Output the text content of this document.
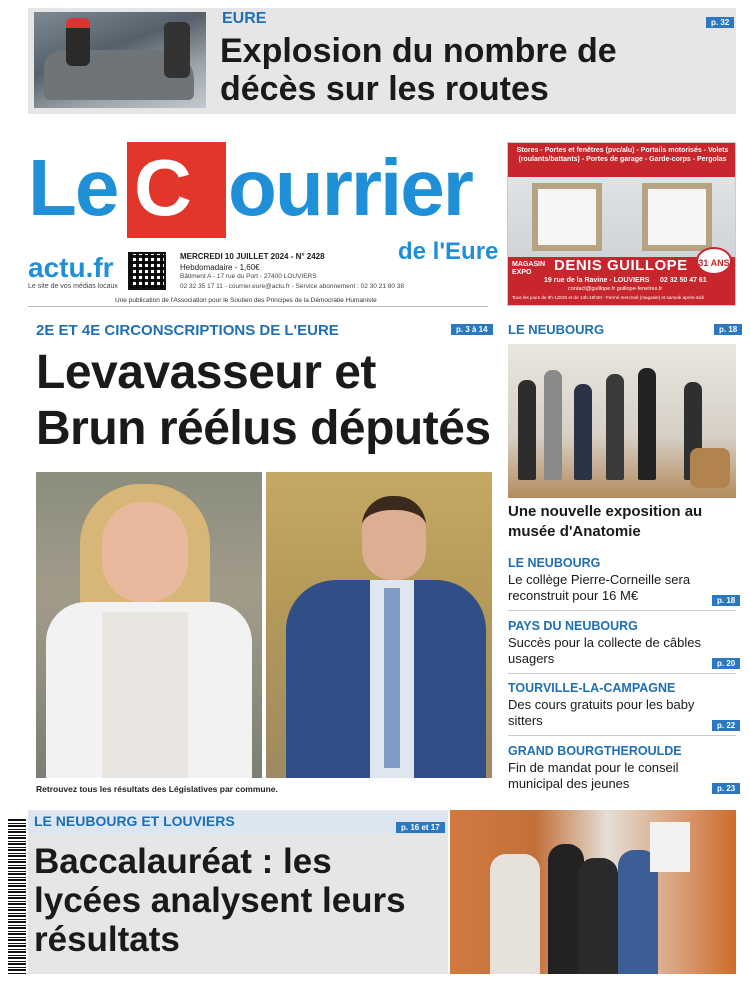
EURE	p. 32
Explosion du nombre de décès sur les routes
Le C ourrier
de l'Eure
actu.fr
Le site de vos médias locaux
MERCREDI 10 JUILLET 2024 - N° 2428
Hebdomadaire - 1,60€
Bâtiment A - 17 rue du Port - 27400 LOUVIERS
02 32 35 17 11 - courrier.eure@actu.fr - Service abonnement : 02 30 21 80 38
Une publication de l'Association pour le Soutien des Principes de la Démocratie Humaniste
Stores - Portes et fenêtres (pvc/alu) - Portails motorisés - Volets (roulants/battants) - Portes de garage - Garde-corps - Pergolas
MAGASIN EXPO	DENIS GUILLOPE 31 ANS
19 rue de la Ravine - LOUVIERS 02 32 50 47 61
contact@guillope.fr guillope-fenetres.fr
Tous les jours de 9h-12h30 et de 14h-18h30 - Fermé mercredi (magasin) et samedi après-midi
2E ET 4E CIRCONSCRIPTIONS DE L'EURE	p. 3 à 14
Levavasseur et Brun réélus députés
Retrouvez tous les résultats des Législatives par commune.
LE NEUBOURG	p. 18
Une nouvelle exposition au musée d'Anatomie
LE NEUBOURG
Le collège Pierre-Corneille sera reconstruit pour 16 M€	p. 18
PAYS DU NEUBOURG
Succès pour la collecte de câbles usagers	p. 20
TOURVILLE-LA-CAMPAGNE
Des cours gratuits pour les baby sitters	p. 22
GRAND BOURGTHEROULDE
Fin de mandat pour le conseil municipal des jeunes	p. 23
LE NEUBOURG ET LOUVIERS	p. 16 et 17
Baccalauréat : les lycées analysent leurs résultats
